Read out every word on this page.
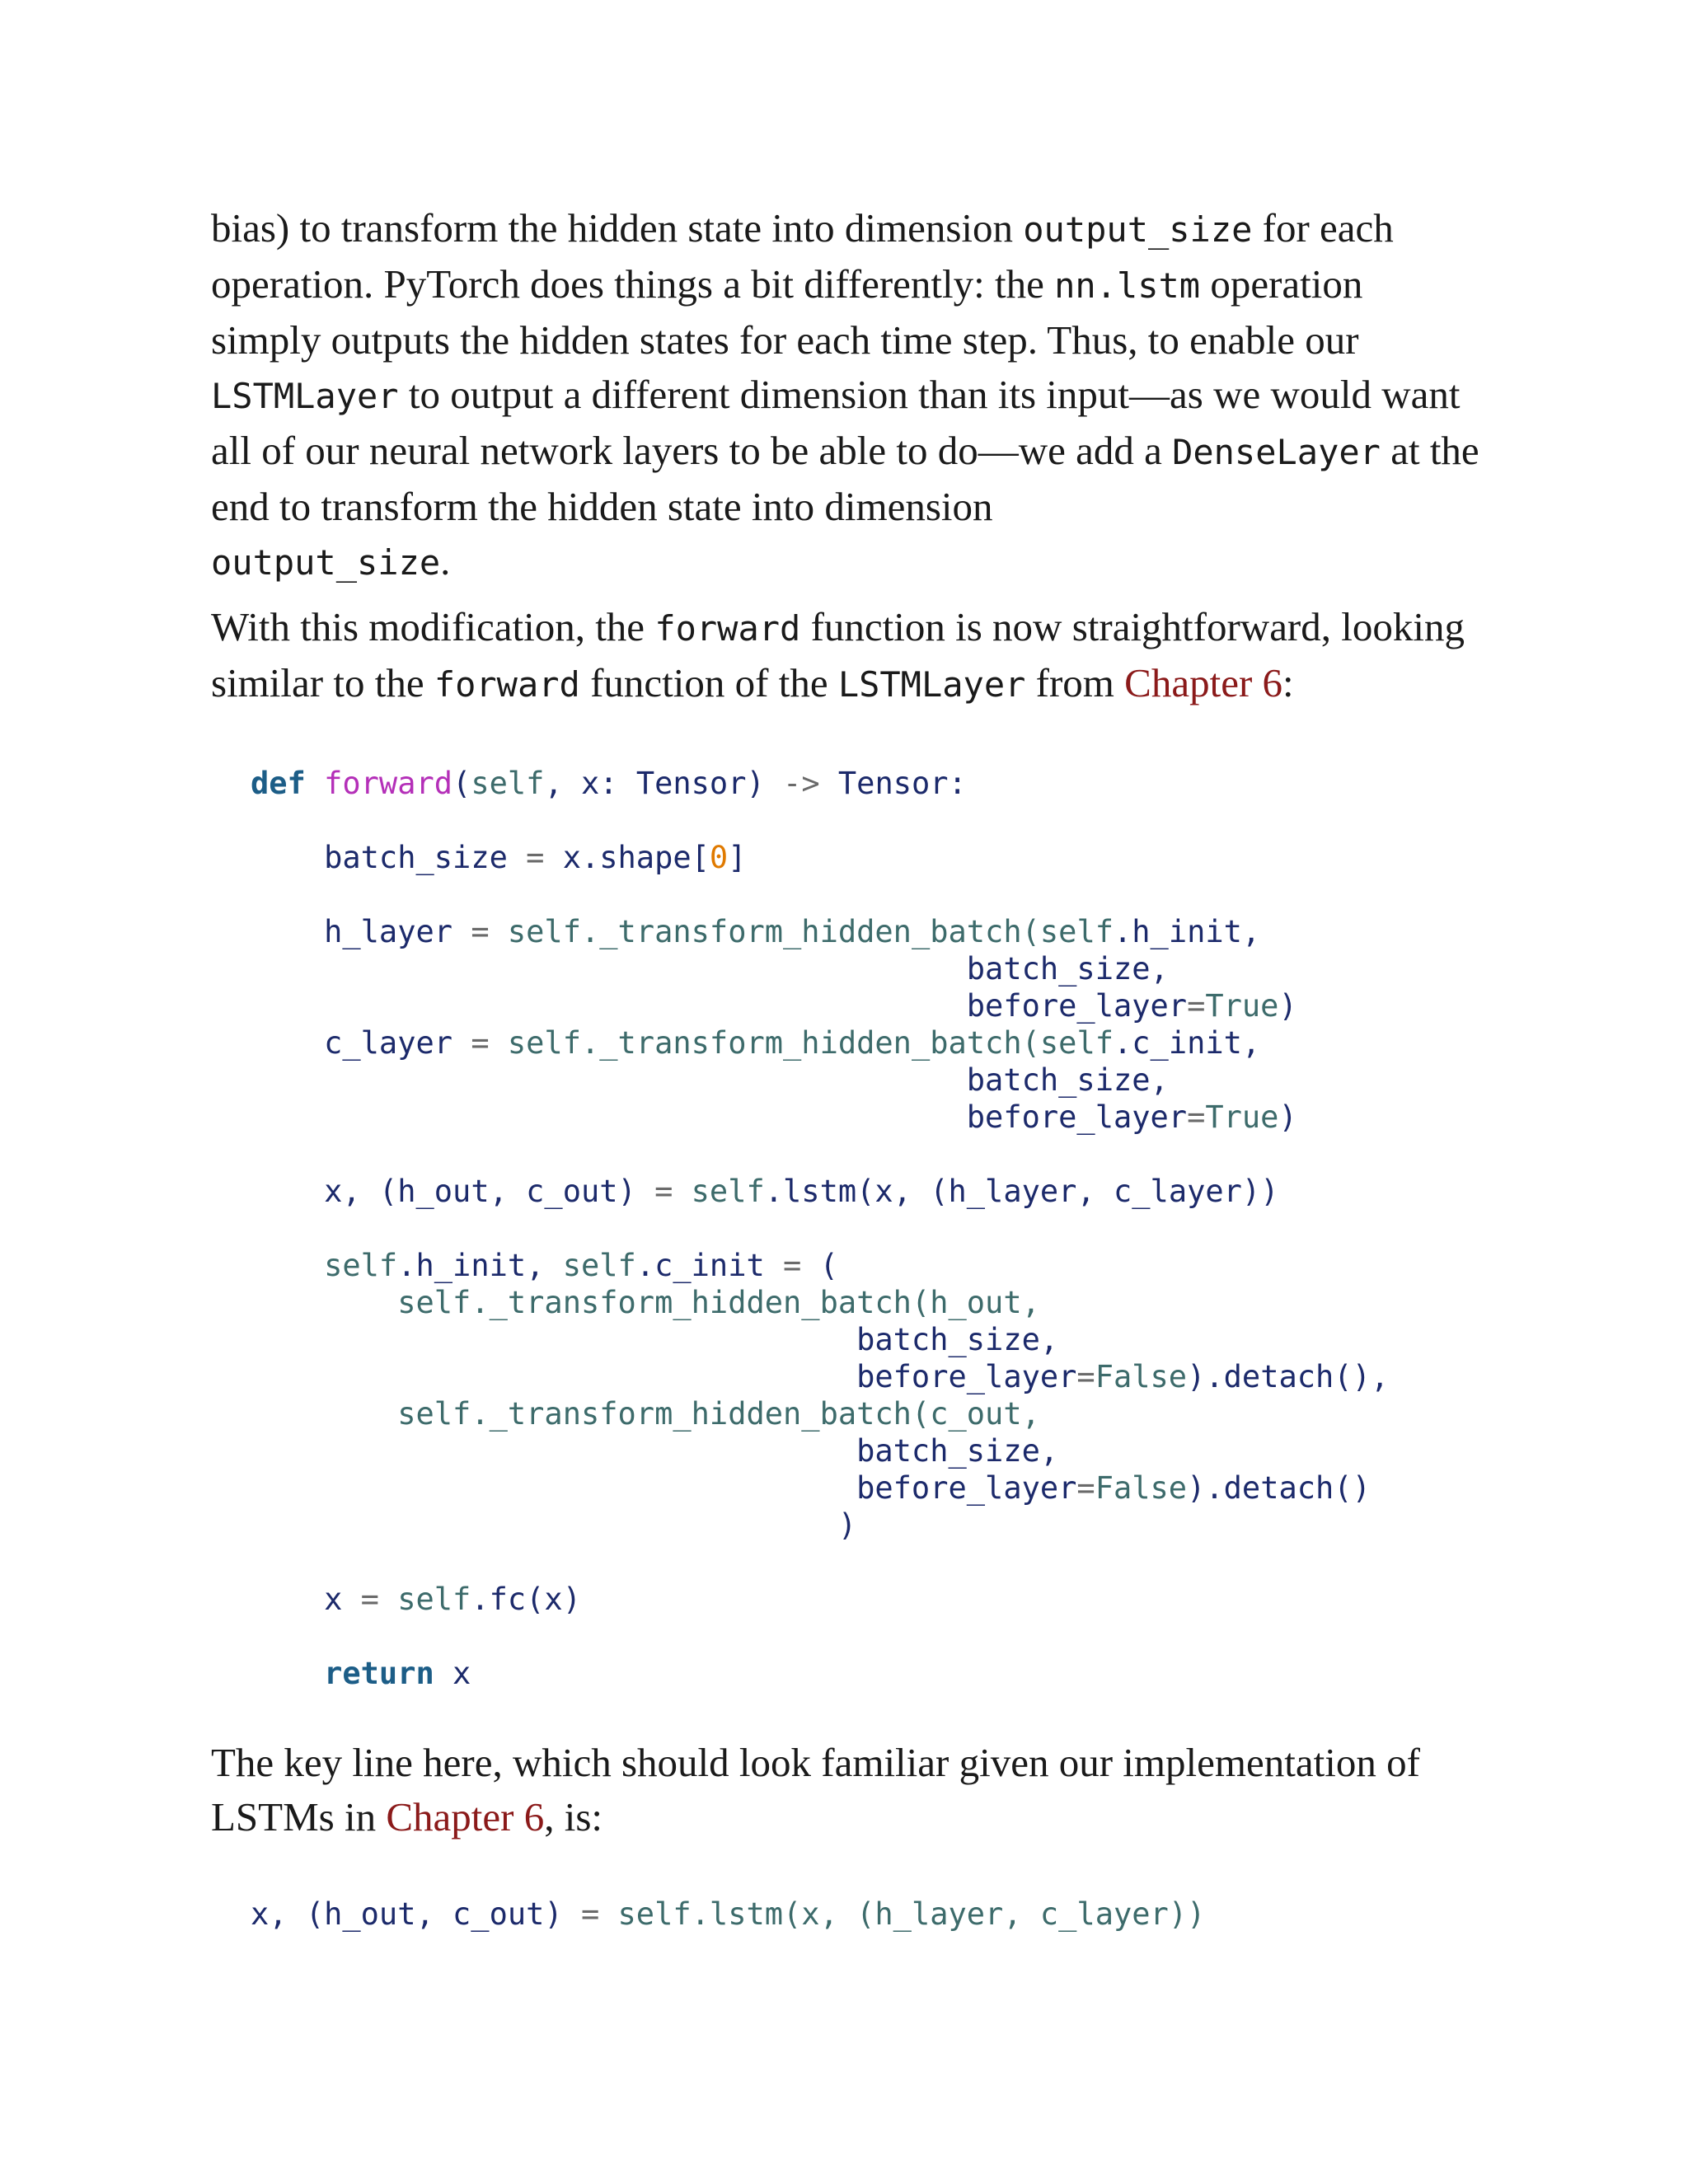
bias) to transform the hidden state into dimension output_size for each operation. PyTorch does things a bit differently: the nn.lstm operation simply outputs the hidden states for each time step. Thus, to enable our LSTMLayer to output a different dimension than its input—as we would want all of our neural network layers to be able to do—we add a DenseLayer at the end to transform the hidden state into dimension
output_size.

With this modification, the forward function is now straightforward, looking similar to the forward function of the LSTMLayer from Chapter 6:

def forward(self, x: Tensor) -> Tensor:

batch_size = x.shape[0]

h_layer = self._transform_hidden_batch(self.h_init,
batch_size,
before_layer=True)
c_layer = self._transform_hidden_batch(self.c_init,
batch_size,
before_layer=True)

x, (h_out, c_out) = self.lstm(x, (h_layer, c_layer))

self.h_init, self.c_init = (
self._transform_hidden_batch(h_out,
batch_size,
before_layer=False).detach(),
self._transform_hidden_batch(c_out,
batch_size,
before_layer=False).detach()
)

x = self.fc(x)

return x

The key line here, which should look familiar given our implementation of LSTMs in Chapter 6, is:

x, (h_out, c_out) = self.lstm(x, (h_layer, c_layer))
